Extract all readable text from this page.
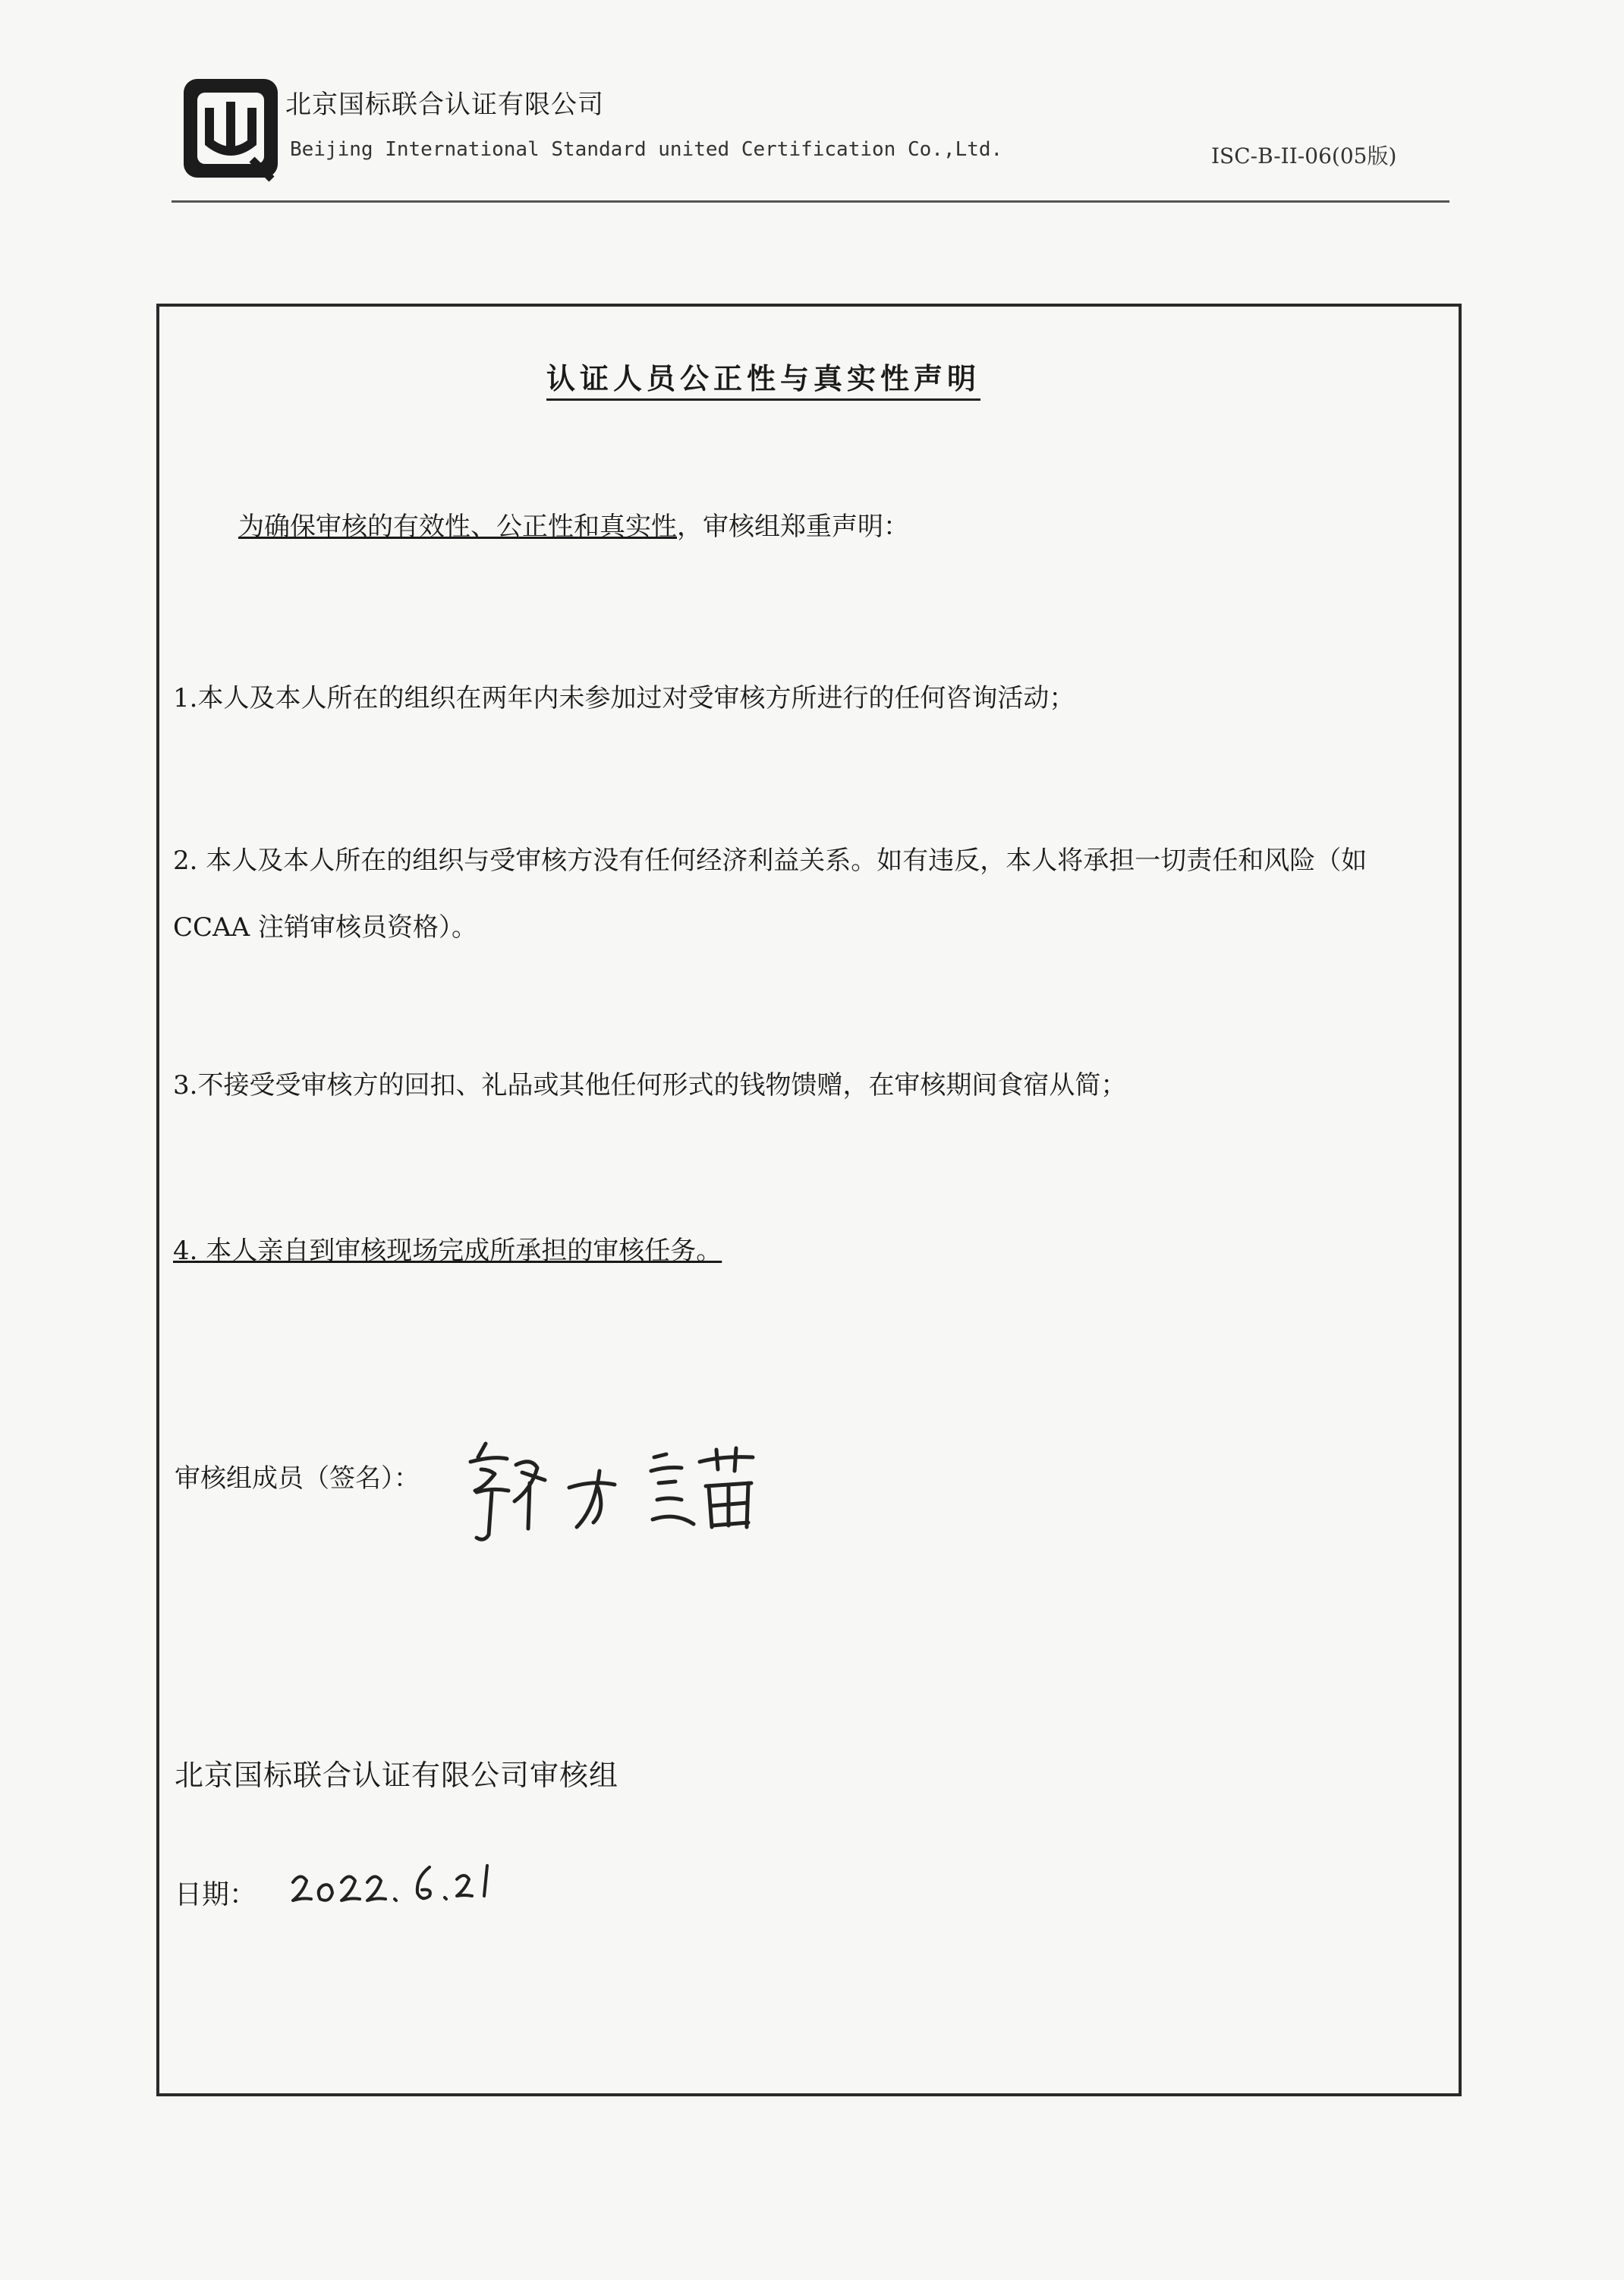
北京国标联合认证有限公司
Beijing International Standard united Certification Co.,Ltd.	ISC-B-II-06(05版)
认证人员公正性与真实性声明
为确保审核的有效性、公正性和真实性，审核组郑重声明：
1.本人及本人所在的组织在两年内未参加过对受审核方所进行的任何咨询活动；
2. 本人及本人所在的组织与受审核方没有任何经济利益关系。如有违反，本人将承担一切责任和风险（如 CCAA 注销审核员资格）。
3.不接受受审核方的回扣、礼品或其他任何形式的钱物馈赠，在审核期间食宿从简；
4. 本人亲自到审核现场完成所承担的审核任务。
审核组成员（签名）：
北京国标联合认证有限公司审核组
日期：
